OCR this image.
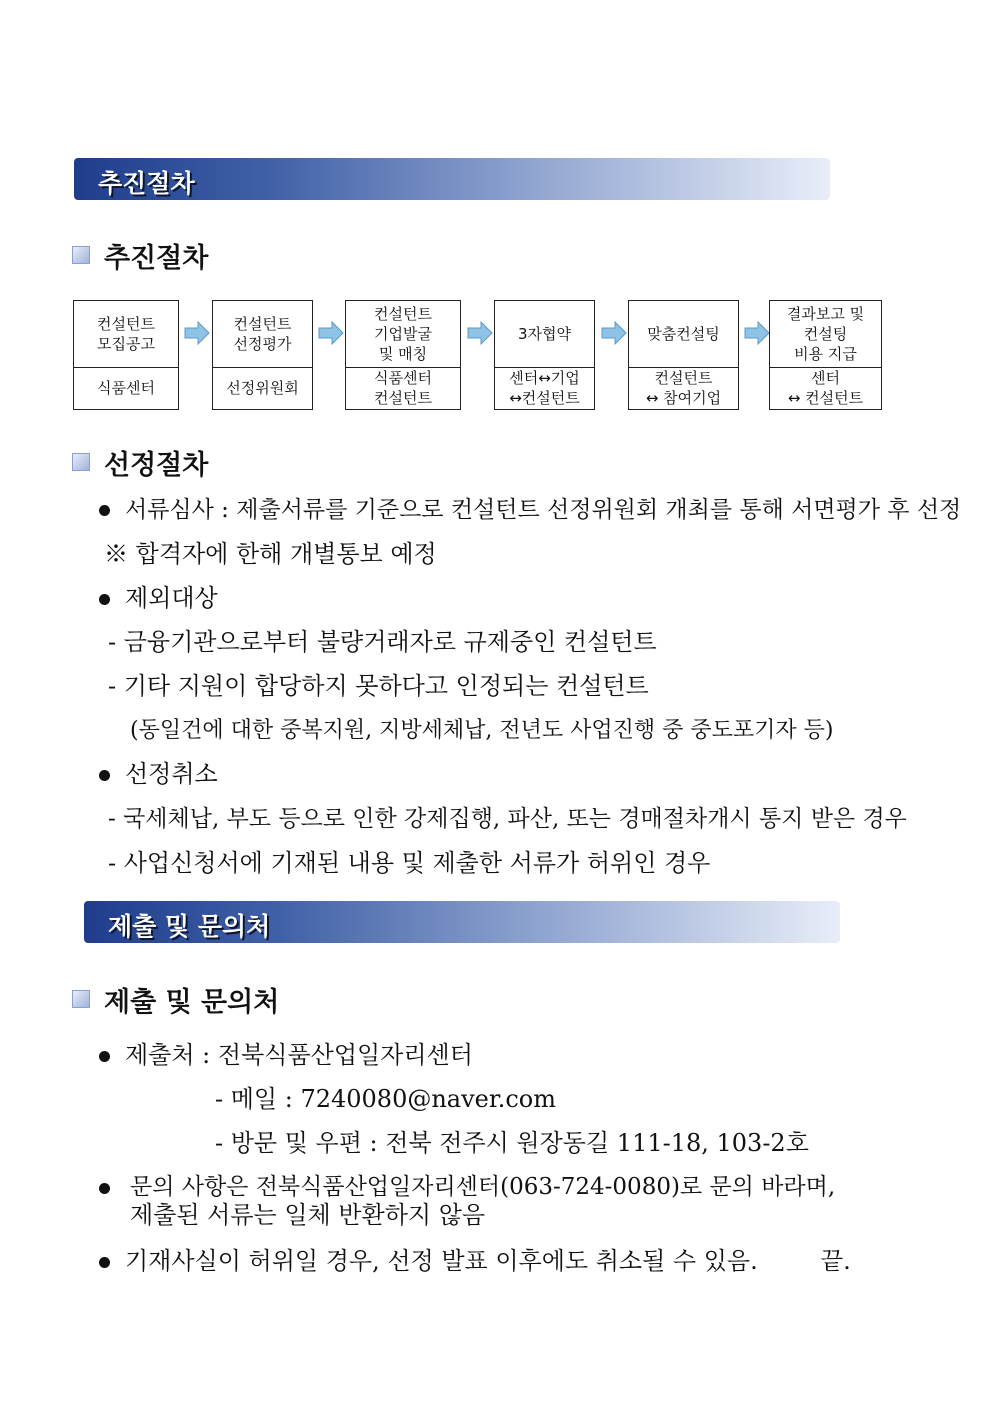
추진절차
추진절차
컨설턴트
모집공고
식품센터
컨설턴트
선정평가
선정위원회
컨설턴트
기업발굴
및 매칭
식품센터
컨설턴트
3자협약
센터↔기업
↔컨설턴트
맞춤컨설팅
컨설턴트
↔ 참여기업
결과보고 및
컨설팅
비용 지급
센터
↔ 컨설턴트
선정절차
서류심사 : 제출서류를 기준으로 컨설턴트 선정위원회 개최를 통해 서면평가 후 선정
※ 합격자에 한해 개별통보 예정
제외대상
- 금융기관으로부터 불량거래자로 규제중인 컨설턴트
- 기타 지원이 합당하지 못하다고 인정되는 컨설턴트
(동일건에 대한 중복지원, 지방세체납, 전년도 사업진행 중 중도포기자 등)
선정취소
- 국세체납, 부도 등으로 인한 강제집행, 파산, 또는 경매절차개시 통지 받은 경우
- 사업신청서에 기재된 내용 및 제출한 서류가 허위인 경우
제출 및 문의처
제출 및 문의처
제출처 : 전북식품산업일자리센터
- 메일 : 7240080@naver.com
- 방문 및 우편 : 전북 전주시 원장동길 111-18, 103-2호
문의 사항은 전북식품산업일자리센터(063-724-0080)로 문의 바라며,
제출된 서류는 일체 반환하지 않음
기재사실이 허위일 경우, 선정 발표 이후에도 취소될 수 있음.	끝.
